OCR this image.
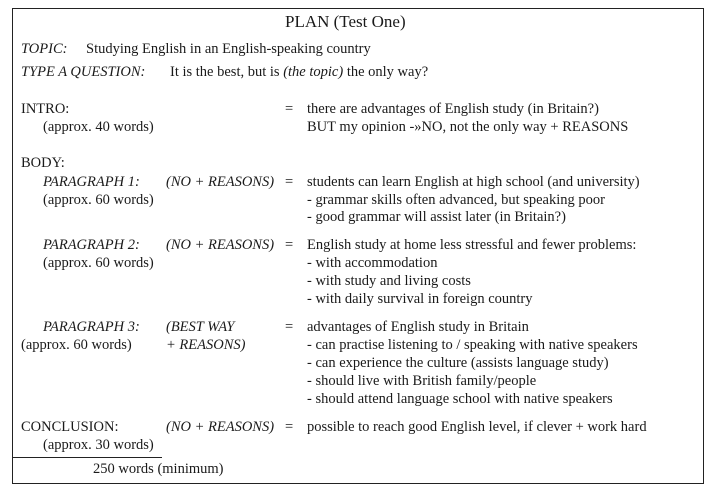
PLAN (Test One)
TOPIC: Studying English in an English-speaking country
TYPE A QUESTION: It is the best, but is (the topic) the only way?
INTRO:
(approx. 40 words)
= there are advantages of English study (in Britain?)
BUT my opinion -»NO, not the only way + REASONS
BODY:
PARAGRAPH 1: (NO + REASONS)
(approx. 60 words)
= students can learn English at high school (and university)
- grammar skills often advanced, but speaking poor
- good grammar will assist later (in Britain?)
PARAGRAPH 2: (NO + REASONS)
(approx. 60 words)
= English study at home less stressful and fewer problems:
- with accommodation
- with study and living costs
- with daily survival in foreign country
PARAGRAPH 3: (BEST WAY
+ REASONS)
(approx. 60 words)
= advantages of English study in Britain
- can practise listening to / speaking with native speakers
- can experience the culture (assists language study)
- should live with British family/people
- should attend language school with native speakers
CONCLUSION:	(NO + REASONS)
(approx. 30 words)
= possible to reach good English level, if clever + work hard
250 words (minimum)
